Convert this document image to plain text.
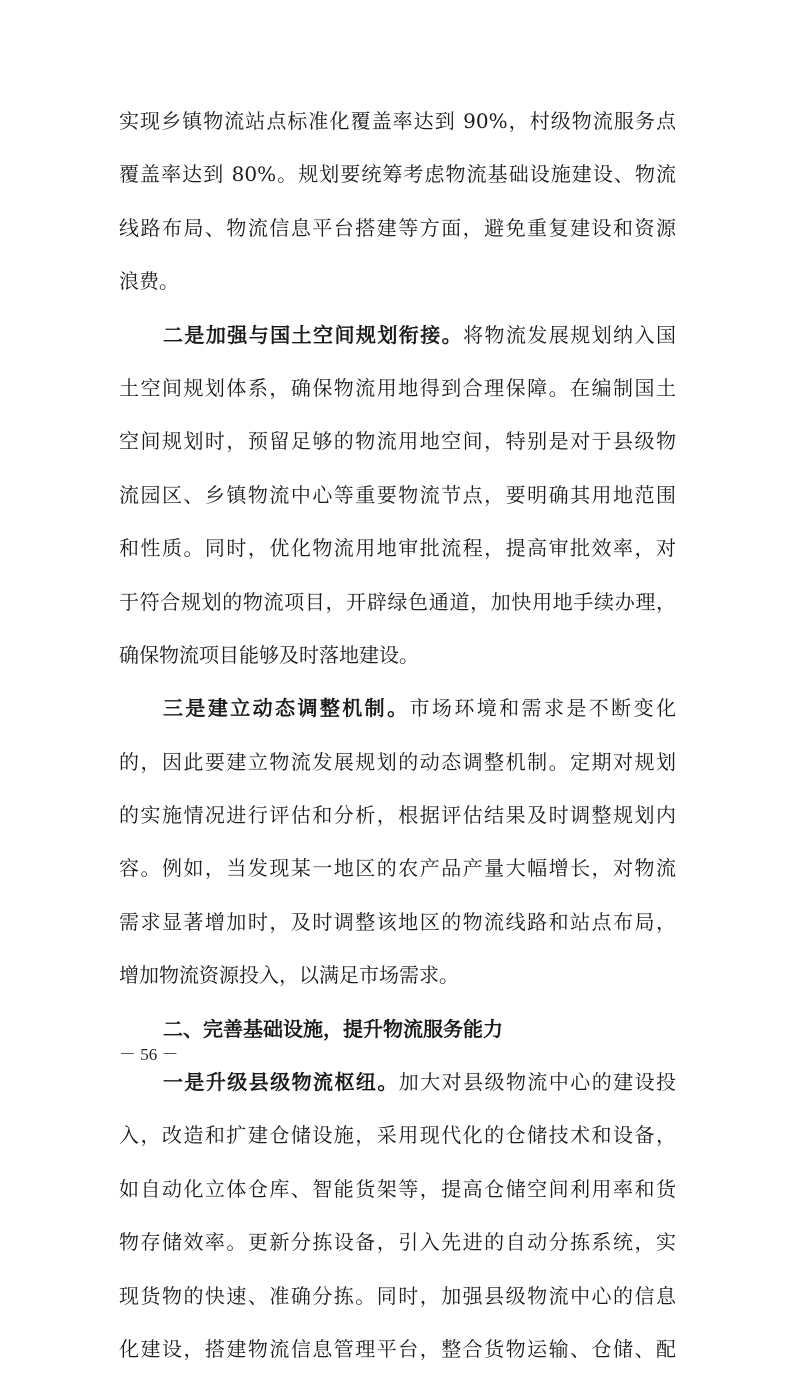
实现乡镇物流站点标准化覆盖率达到 90%，村级物流服务点
覆盖率达到 80%。规划要统筹考虑物流基础设施建设、物流
线路布局、物流信息平台搭建等方面，避免重复建设和资源
浪费。
二是加强与国土空间规划衔接。将物流发展规划纳入国
土空间规划体系，确保物流用地得到合理保障。在编制国土
空间规划时，预留足够的物流用地空间，特别是对于县级物
流园区、乡镇物流中心等重要物流节点，要明确其用地范围
和性质。同时，优化物流用地审批流程，提高审批效率，对
于符合规划的物流项目，开辟绿色通道，加快用地手续办理，
确保物流项目能够及时落地建设。
三是建立动态调整机制。市场环境和需求是不断变化
的，因此要建立物流发展规划的动态调整机制。定期对规划
的实施情况进行评估和分析，根据评估结果及时调整规划内
容。例如，当发现某一地区的农产品产量大幅增长，对物流
需求显著增加时，及时调整该地区的物流线路和站点布局，
增加物流资源投入，以满足市场需求。
二、完善基础设施，提升物流服务能力
一是升级县级物流枢纽。加大对县级物流中心的建设投
入，改造和扩建仓储设施，采用现代化的仓储技术和设备，
如自动化立体仓库、智能货架等，提高仓储空间利用率和货
物存储效率。更新分拣设备，引入先进的自动分拣系统，实
现货物的快速、准确分拣。同时，加强县级物流中心的信息
化建设，搭建物流信息管理平台，整合货物运输、仓储、配
－ 56 －
